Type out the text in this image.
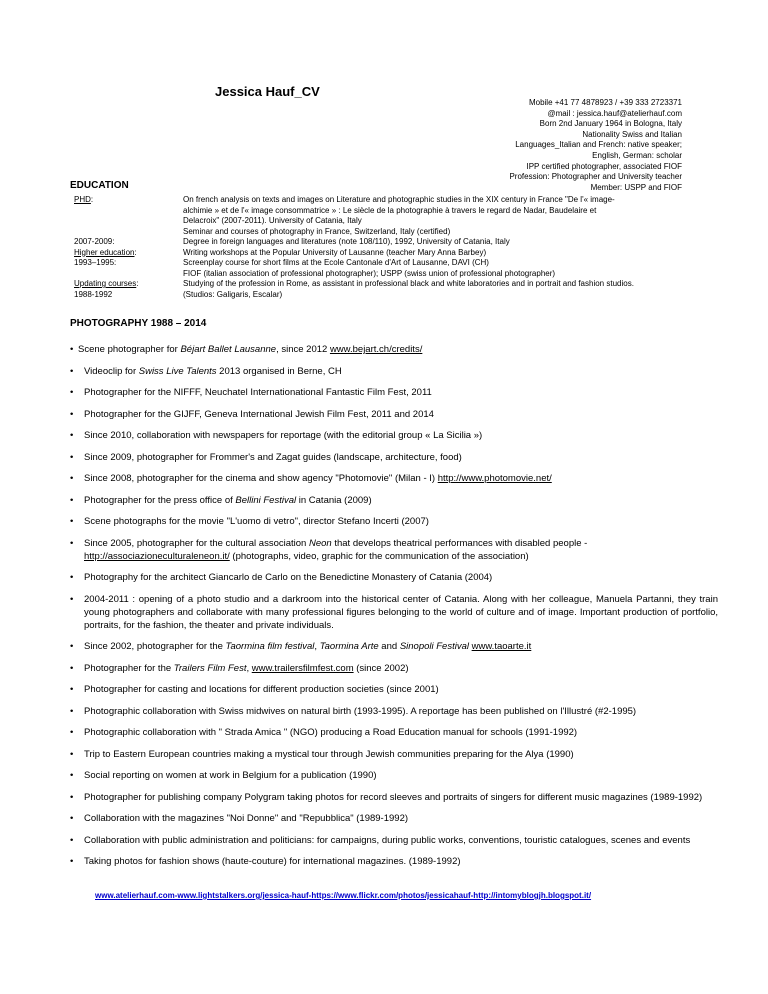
Jessica Hauf_CV
Mobile +41 77 4878923 / +39 333 2723371
@mail : jessica.hauf@atelierhauf.com
Born 2nd January 1964 in Bologna, Italy
Nationality Swiss and Italian
Languages_Italian and French: native speaker;
English, German: scholar
IPP certified photographer, associated FIOF
Profession: Photographer and University teacher
Member: USPP and FIOF
EDUCATION
PHD:
2007-2009:
Higher education:
1993–1995:
Updating courses:
1988-1992
On french analysis on texts and images on Literature and photographic studies in the XIX century in France "De l'« image-
alchimie » et de l'« image consommatrice » : Le siècle de la photographie à travers le regard de Nadar, Baudelaire et
Delacroix" (2007-2011). University of Catania, Italy
Seminar and courses of photography in France, Switzerland, Italy (certified)
Degree in foreign languages and literatures (note 108/110), 1992, University of Catania, Italy
Writing workshops at the Popular University of Lausanne (teacher Mary Anna Barbey)
Screenplay course for short films at the Ecole Cantonale d'Art of Lausanne, DAVI (CH)
FIOF (italian association of professional photographer); USPP (swiss union of professional photographer)
Studying of the profession in Rome, as assistant in professional black and white laboratories and in portrait and fashion studios.
(Studios: Galigaris, Escalar)
PHOTOGRAPHY 1988 – 2014
• Scene photographer for Béjart Ballet Lausanne, since 2012 www.bejart.ch/credits/
• Videoclip for Swiss Live Talents 2013 organised in Berne, CH
• Photographer for the NIFFF, Neuchatel Internationational Fantastic Film Fest, 2011
• Photographer for the GIJFF, Geneva International Jewish Film Fest, 2011 and 2014
• Since 2010, collaboration with newspapers for reportage (with the editorial group « La Sicilia »)
• Since 2009, photographer for Frommer's and Zagat guides (landscape, architecture, food)
• Since 2008, photographer for the cinema and show agency "Photomovie" (Milan - I) http://www.photomovie.net/
• Photographer for the press office of Bellini Festival in Catania (2009)
• Scene photographs for the movie "L'uomo di vetro", director Stefano Incerti (2007)
• Since 2005, photographer for the cultural association Neon that develops theatrical performances with disabled people -
http://associazioneculturaleneon.it/ (photographs, video, graphic for the communication of the association)
• Photography for the architect Giancarlo de Carlo on the Benedictine Monastery of Catania (2004)
• 2004-2011 : opening of a photo studio and a darkroom into the historical center of Catania. Along with her colleague, Manuela Partanni, they train young photographers and collaborate with many professional figures belonging to the world of culture and of image. Important production of portfolio, portraits, for the fashion, the theater and private individuals.
• Since 2002, photographer for the Taormina film festival, Taormina Arte and Sinopoli Festival www.taoarte.it
• Photographer for the Trailers Film Fest, www.trailersfilmfest.com (since 2002)
• Photographer for casting and locations for different production societies (since 2001)
• Photographic collaboration with Swiss midwives on natural birth (1993-1995). A reportage has been published on l'Illustré (#2-1995)
• Photographic collaboration with " Strada Amica " (NGO) producing a Road Education manual for schools (1991-1992)
• Trip to Eastern European countries making a mystical tour through Jewish communities preparing for the Alya (1990)
• Social reporting on women at work in Belgium for a publication (1990)
• Photographer for publishing company Polygram taking photos for record sleeves and portraits of singers for different music magazines (1989-1992)
• Collaboration with the magazines "Noi Donne" and "Repubblica" (1989-1992)
• Collaboration with public administration and politicians: for campaigns, during public works, conventions, touristic catalogues, scenes and events
• Taking photos for fashion shows (haute-couture) for international magazines. (1989-1992)
www.atelierhauf.com-www.lightstalkers.org/jessica-hauf-https://www.flickr.com/photos/jessicahauf-http://intomyblogjh.blogspot.it/
